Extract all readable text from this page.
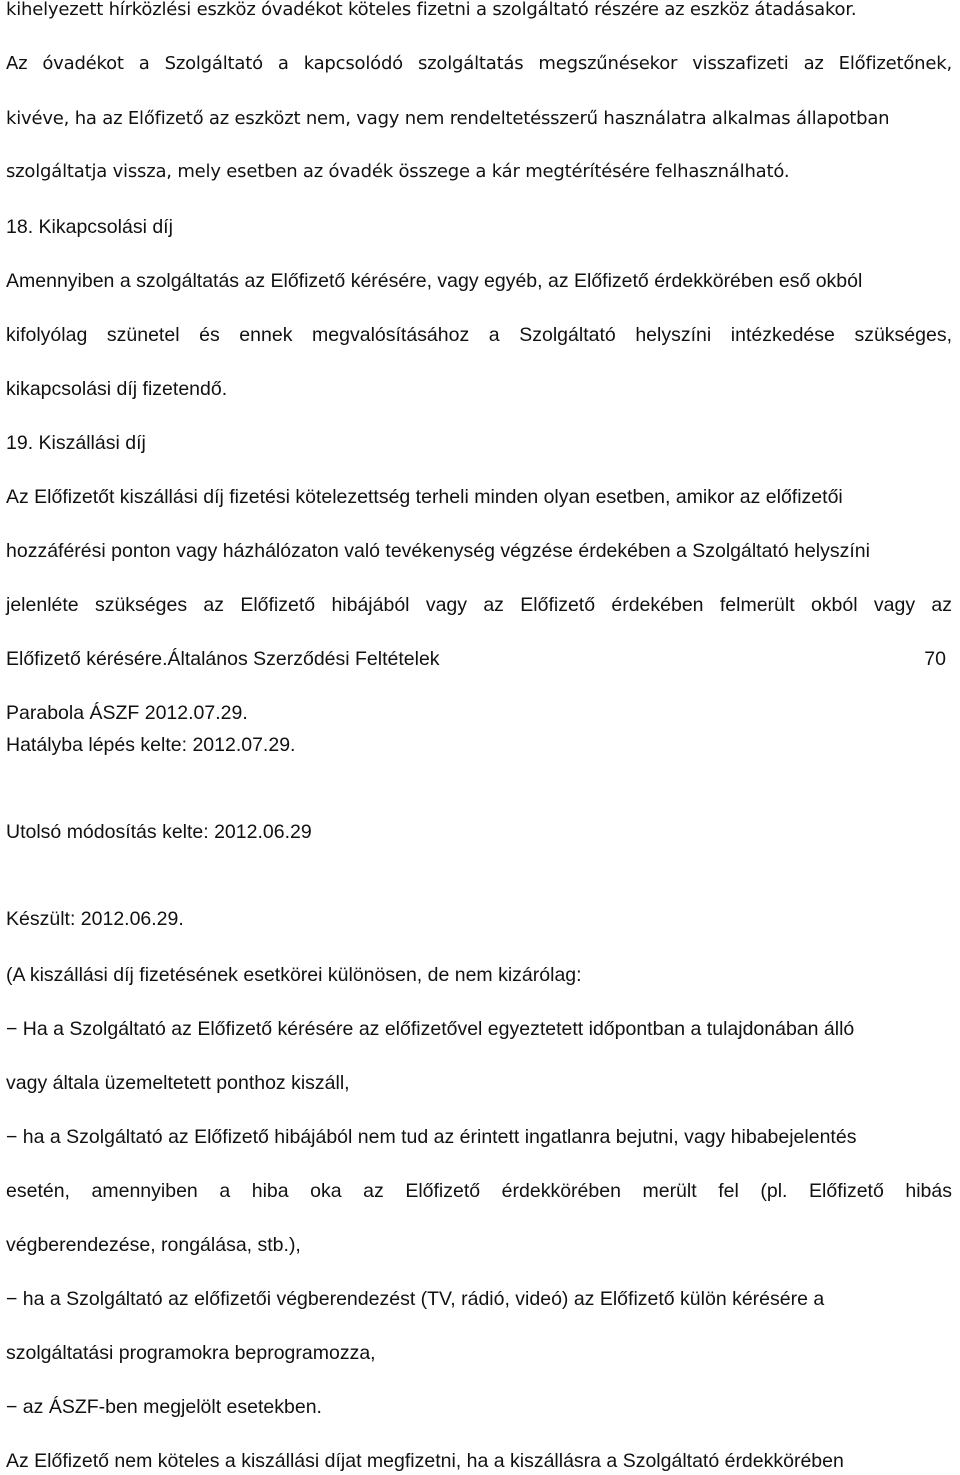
kihelyezett hírközlési eszköz óvadékot köteles fizetni a szolgáltató részére az eszköz átadásakor.
Az óvadékot a Szolgáltató a kapcsolódó szolgáltatás megszűnésekor visszafizeti az Előfizetőnek,
kivéve, ha az Előfizető az eszközt nem, vagy nem rendeltetésszerű használatra alkalmas állapotban
szolgáltatja vissza, mely esetben az óvadék összege a kár megtérítésére felhasználható.
18. Kikapcsolási díj
Amennyiben a szolgáltatás az Előfizető kérésére, vagy egyéb, az Előfizető érdekkörében eső okból
kifolyólag szünetel és ennek megvalósításához a Szolgáltató helyszíni intézkedése szükséges,
kikapcsolási díj fizetendő.
19. Kiszállási díj
Az Előfizetőt kiszállási díj fizetési kötelezettség terheli minden olyan esetben, amikor az előfizetői
hozzáférési ponton vagy házhálózaton való tevékenység végzése érdekében a Szolgáltató helyszíni
jelenléte szükséges az Előfizető hibájából vagy az Előfizető érdekében felmerült okból vagy az
Előfizető kérésére.Általános Szerződési Feltételek	70
Parabola ÁSZF 2012.07.29.
Hatályba lépés kelte: 2012.07.29.
Utolsó módosítás kelte: 2012.06.29
Készült: 2012.06.29.
(A kiszállási díj fizetésének esetkörei különösen, de nem kizárólag:
− Ha a Szolgáltató az Előfizető kérésére az előfizetővel egyeztetett időpontban a tulajdonában álló
vagy általa üzemeltetett ponthoz kiszáll,
− ha a Szolgáltató az Előfizető hibájából nem tud az érintett ingatlanra bejutni, vagy hibabejelentés
esetén, amennyiben a hiba oka az Előfizető érdekkörében merült fel (pl. Előfizető hibás
végberendezése, rongálása, stb.),
− ha a Szolgáltató az előfizetői végberendezést (TV, rádió, videó) az Előfizető külön kérésére a
szolgáltatási programokra beprogramozza,
− az ÁSZF-ben megjelölt esetekben.
Az Előfizető nem köteles a kiszállási díjat megfizetni, ha a kiszállásra a Szolgáltató érdekkörében
